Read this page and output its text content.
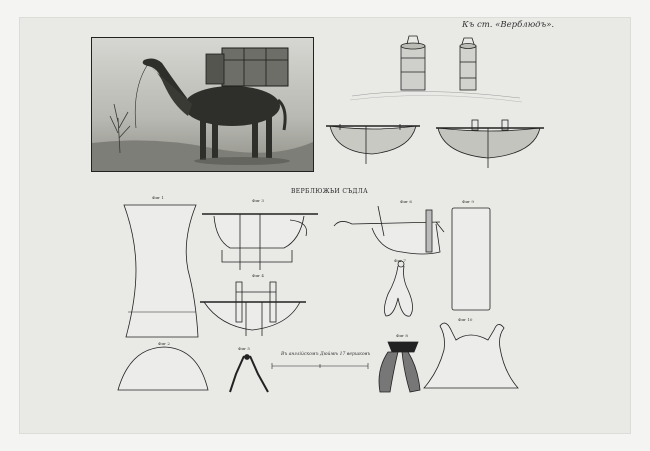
Къ ст. «Верблюдъ».
ВЕРБЛЮЖЬИ СЪДЛА
Фиг 1
Фиг 2
Фиг 3
Фиг 4
Фиг 5
Фиг 6
Фиг 7
Фиг 8
Фиг 9
Фиг 10
Въ англійскомъ Дюймѣ 17 вершковъ
